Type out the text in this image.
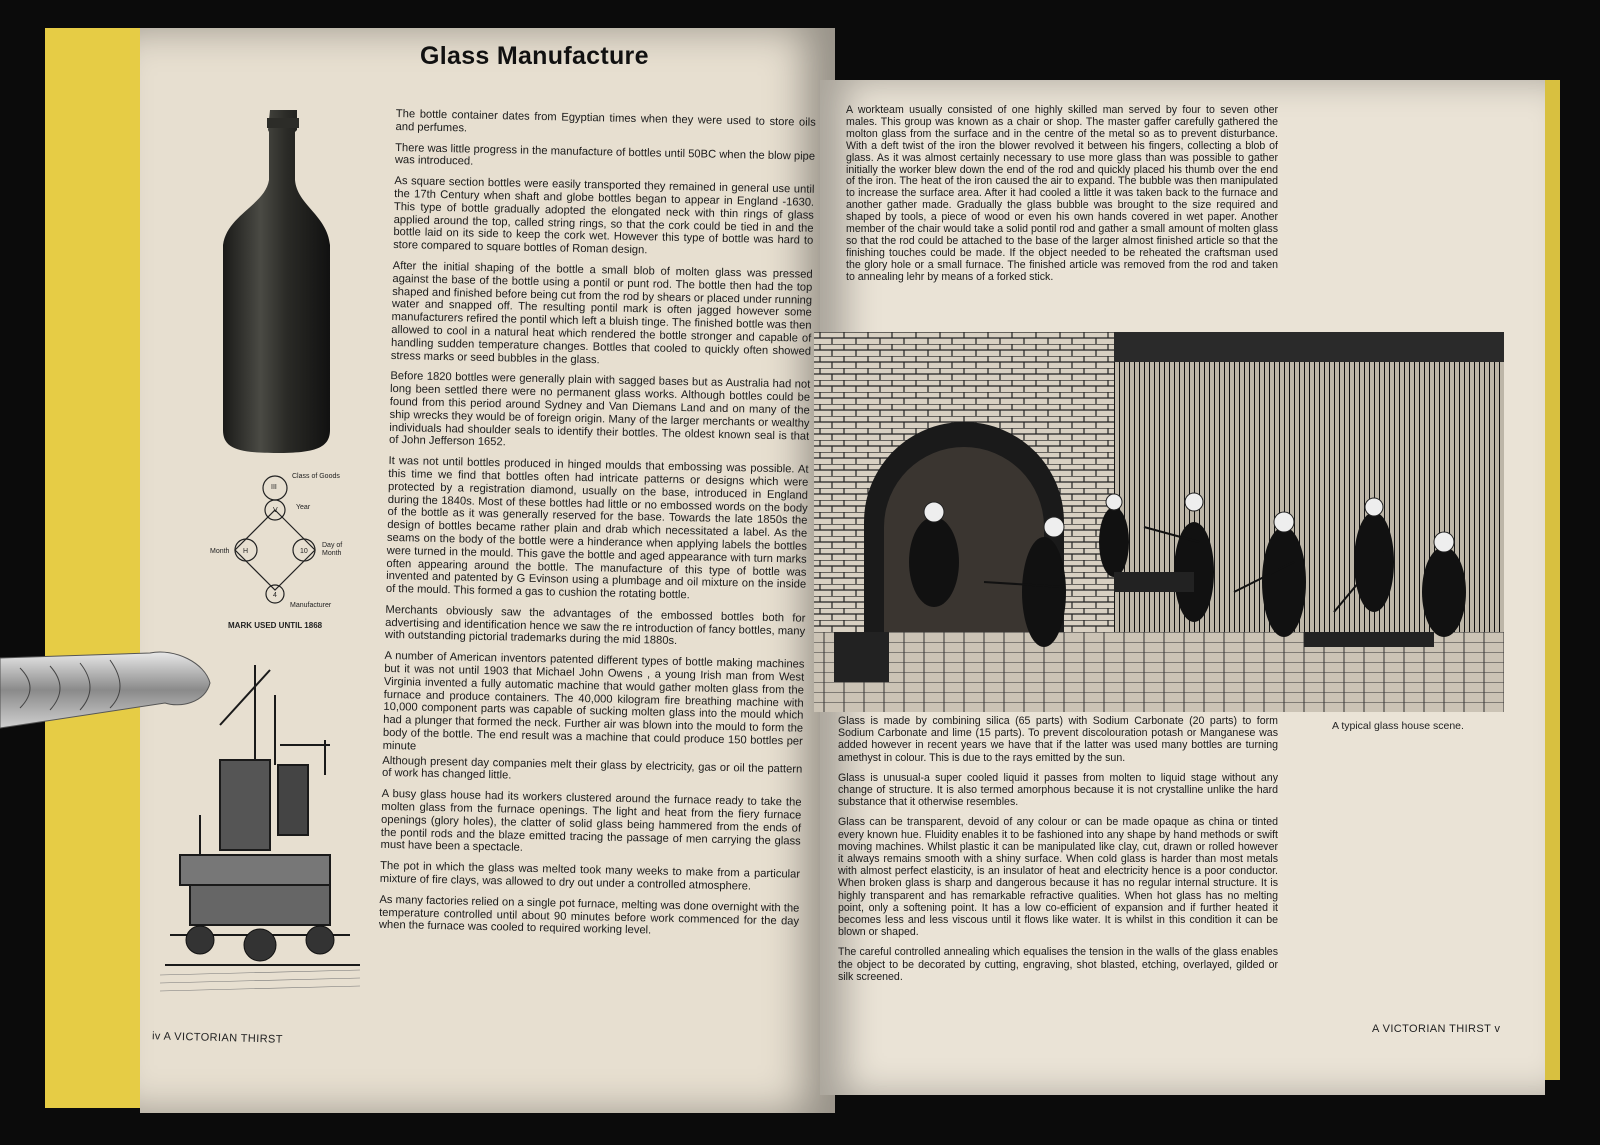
Glass Manufacture
Class of Goods
Year
Month
Day of
Month
Manufacturer
III
V
H	10
4
MARK USED UNTIL 1868

The bottle container dates from Egyptian times when they were used to store oils and perfumes.

There was little progress in the manufacture of bottles until 50BC when the blow pipe was introduced.

As square section bottles were easily transported they remained in general use until the 17th Century when shaft and globe bottles began to appear in England -1630. This type of bottle gradually adopted the elongated neck with thin rings of glass applied around the top, called string rings, so that the cork could be tied in and the bottle laid on its side to keep the cork wet. However this type of bottle was hard to store compared to square bottles of Roman design.

After the initial shaping of the bottle a small blob of molten glass was pressed against the base of the bottle using a pontil or punt rod. The bottle then had the top shaped and finished before being cut from the rod by shears or placed under running water and snapped off. The resulting pontil mark is often jagged however some manufacturers refired the pontil which left a bluish tinge. The finished bottle was then allowed to cool in a natural heat which rendered the bottle stronger and capable of handling sudden temperature changes. Bottles that cooled to quickly often showed stress marks or seed bubbles in the glass.

Before 1820 bottles were generally plain with sagged bases but as Australia had not long been settled there were no permanent glass works. Although bottles could be found from this period around Sydney and Van Diemans Land and on many of the ship wrecks they would be of foreign origin. Many of the larger merchants or wealthy individuals had shoulder seals to identify their bottles. The oldest known seal is that of John Jefferson 1652.

It was not until bottles produced in hinged moulds that embossing was possible. At this time we find that bottles often had intricate patterns or designs which were protected by a registration diamond, usually on the base, introduced in England during the 1840s. Most of these bottles had little or no embossed words on the body of the bottle as it was generally reserved for the base. Towards the late 1850s the design of bottles became rather plain and drab which necessitated a label. As the seams on the body of the bottle were a hinderance when applying labels the bottles were turned in the mould. This gave the bottle and aged appearance with turn marks often appearing around the bottle. The manufacture of this type of bottle was invented and patented by G Evinson using a plumbage and oil mixture on the inside of the mould. This formed a gas to cushion the rotating bottle.

Merchants obviously saw the advantages of the embossed bottles both for advertising and identification hence we saw the re introduction of fancy bottles, many with outstanding pictorial trademarks during the mid 1880s.

A number of American inventors patented different types of bottle making machines but it was not until 1903 that Michael John Owens , a young Irish man from West Virginia invented a fully automatic machine that would gather molten glass from the furnace and produce containers. The 40,000 kilogram fire breathing machine with 10,000 component parts was capable of sucking molten glass into the mould which had a plunger that formed the neck. Further air was blown into the mould to form the body of the bottle. The end result was a machine that could produce 150 bottles per minute

Although present day companies melt their glass by electricity, gas or oil the pattern of work has changed little.

A busy glass house had its workers clustered around the furnace ready to take the molten glass from the furnace openings. The light and heat from the fiery furnace openings (glory holes), the clatter of solid glass being hammered from the ends of the pontil rods and the blaze emitted tracing the passage of men carrying the glass must have been a spectacle.

The pot in which the glass was melted took many weeks to make from a particular mixture of fire clays, was allowed to dry out under a controlled atmosphere.

As many factories relied on a single pot furnace, melting was done overnight with the temperature controlled until about 90 minutes before work commenced for the day when the furnace was cooled to required working level.

A workteam usually consisted of one highly skilled man served by four to seven other males. This group was known as a chair or shop. The master gaffer carefully gathered the molton glass from the surface and in the centre of the metal so as to prevent disturbance. With a deft twist of the iron the blower revolved it between his fingers, collecting a blob of glass. As it was almost certainly necessary to use more glass than was possible to gather initially the worker blew down the end of the rod and quickly placed his thumb over the end of the iron. The heat of the iron caused the air to expand. The bubble was then manipulated to increase the surface area. After it had cooled a little it was taken back to the furnace and another gather made. Gradually the glass bubble was brought to the size required and shaped by tools, a piece of wood or even his own hands covered in wet paper. Another member of the chair would take a solid pontil rod and gather a small amount of molten glass so that the rod could be attached to the base of the larger almost finished article so that the finishing touches could be made. If the object needed to be reheated the craftsman used the glory hole or a small furnace. The finished article was removed from the rod and taken to annealing lehr by means of a forked stick.

A typical glass house scene.

Glass is made by combining silica (65 parts) with Sodium Carbonate (20 parts) to form Sodium Carbonate and lime (15 parts). To prevent discolouration potash or Manganese was added however in recent years we have that if the latter was used many bottles are turning amethyst in colour. This is due to the rays emitted by the sun.

Glass is unusual-a super cooled liquid it passes from molten to liquid stage without any change of structure. It is also termed amorphous because it is not crystalline unlike the hard substance that it otherwise resembles.

Glass can be transparent, devoid of any colour or can be made opaque as china or tinted every known hue. Fluidity enables it to be fashioned into any shape by hand methods or swift moving machines. Whilst plastic it can be manipulated like clay, cut, drawn or rolled however it always remains smooth with a shiny surface. When cold glass is harder than most metals with almost perfect elasticity, is an insulator of heat and electricity hence is a poor conductor. When broken glass is sharp and dangerous because it has no regular internal structure. It is highly transparent and has remarkable refractive qualities. When hot glass has no melting point, only a softening point. It has a low co-efficient of expansion and if further heated it becomes less and less viscous until it flows like water. It is whilst in this condition it can be blown or shaped.

The careful controlled annealing which equalises the tension in the walls of the glass enables the object to be decorated by cutting, engraving, shot blasted, etching, overlayed, gilded or silk screened.

iv A VICTORIAN THIRST
A VICTORIAN THIRST v
